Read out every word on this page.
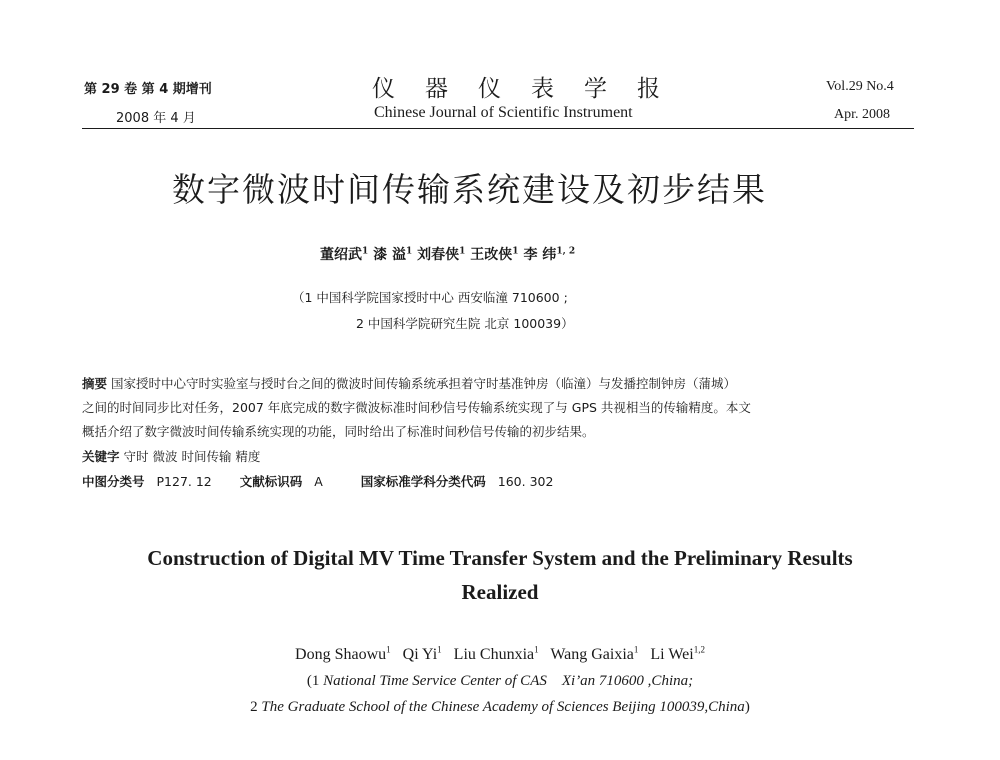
第 29 卷 第 4 期增刊
2008 年 4 月
仪器仪表学报
Chinese Journal of Scientific Instrument
Vol.29 No.4
Apr. 2008
数字微波时间传输系统建设及初步结果
董绍武$^1$ 漆 溢$^1$ 刘春侠$^1$ 王改侠$^1$ 李 纬$^{1, 2}$
（1 中国科学院国家授时中心 西安临潼 710600 ;
2 中国科学院研究生院 北京 100039）
摘要 国家授时中心守时实验室与授时台之间的微波时间传输系统承担着守时基准钟房（临潼）与发播控制钟房（蒲城）
之间的时间同步比对任务，2007 年底完成的数字微波标准时间秒信号传输系统实现了与 GPS 共视相当的传输精度。本文
概括介绍了数字微波时间传输系统实现的功能，同时给出了标准时间秒信号传输的初步结果。
关键字 守时 微波 时间传输 精度
中图分类号 P127. 12 文献标识码 A	国家标准学科分类代码 160. 302
Construction of Digital MV Time Transfer System and the Preliminary Results
Realized
Dong Shaowu$^1$ Qi Yi$^1$ Liu Chunxia$^1$ Wang Gaixia$^1$ Li Wei$^{1,2}$
(1 National Time Service Center of CAS Xi’an 710600 ,China;
2 The Graduate School of the Chinese Academy of Sciences Beijing 100039,China)
